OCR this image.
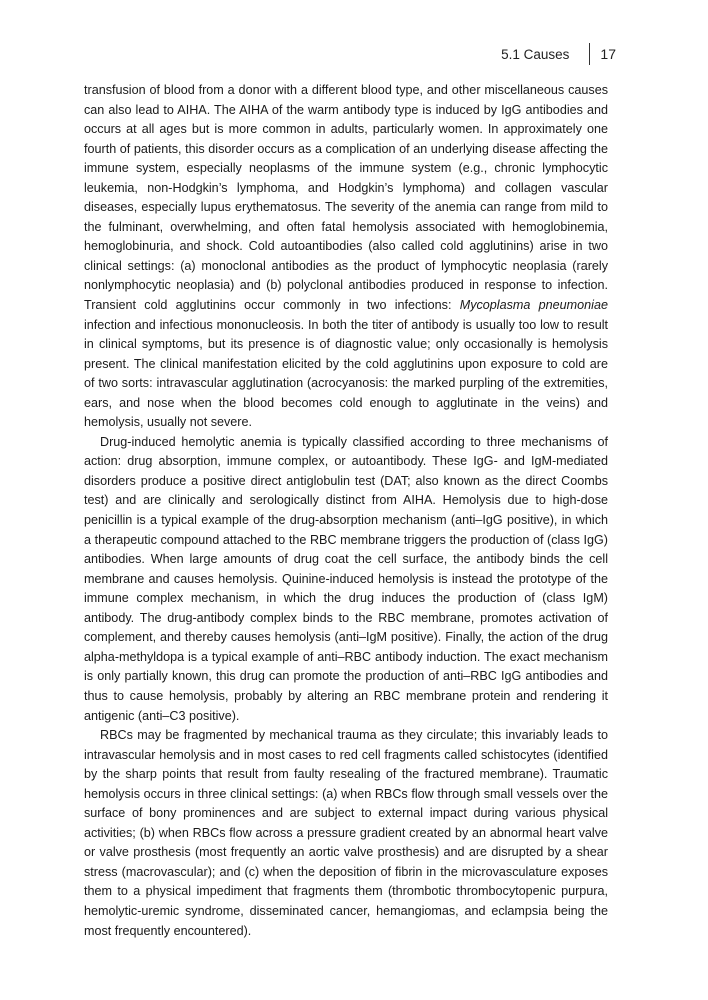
5.1 Causes	17

transfusion of blood from a donor with a different blood type, and other miscellaneous causes can also lead to AIHA. The AIHA of the warm antibody type is induced by IgG antibodies and occurs at all ages but is more common in adults, particularly women. In approximately one fourth of patients, this disorder occurs as a complication of an underlying disease affecting the immune system, especially neoplasms of the immune system (e.g., chronic lymphocytic leukemia, non-Hodgkin’s lymphoma, and Hodgkin’s lymphoma) and collagen vascular diseases, especially lupus erythematosus. The severity of the anemia can range from mild to the fulminant, overwhelming, and often fatal hemolysis associated with hemoglobinemia, hemoglobinuria, and shock. Cold autoantibodies (also called cold agglutinins) arise in two clinical settings: (a) monoclonal antibodies as the product of lymphocytic neoplasia (rarely nonlymphocytic neoplasia) and (b) polyclonal antibodies produced in response to infection. Transient cold agglutinins occur commonly in two infections: Mycoplasma pneumoniae infection and infectious mononucleosis. In both the titer of antibody is usually too low to result in clinical symptoms, but its presence is of diagnostic value; only occasionally is hemolysis present. The clinical manifestation elicited by the cold agglutinins upon exposure to cold are of two sorts: intravascular agglutination (acrocyanosis: the marked purpling of the extremities, ears, and nose when the blood becomes cold enough to agglutinate in the veins) and hemolysis, usually not severe.

Drug-induced hemolytic anemia is typically classified according to three mechanisms of action: drug absorption, immune complex, or autoantibody. These IgG- and IgM-mediated disorders produce a positive direct antiglobulin test (DAT; also known as the direct Coombs test) and are clinically and serologically distinct from AIHA. Hemolysis due to high-dose penicillin is a typical example of the drug-absorption mechanism (anti–IgG positive), in which a therapeutic compound attached to the RBC membrane triggers the production of (class IgG) antibodies. When large amounts of drug coat the cell surface, the antibody binds the cell membrane and causes hemolysis. Quinine-induced hemolysis is instead the prototype of the immune complex mechanism, in which the drug induces the production of (class IgM) antibody. The drug-antibody complex binds to the RBC membrane, promotes activation of complement, and thereby causes hemolysis (anti–IgM positive). Finally, the action of the drug alpha-methyldopa is a typical example of anti–RBC antibody induction. The exact mechanism is only partially known, this drug can promote the production of anti–RBC IgG antibodies and thus to cause hemolysis, probably by altering an RBC membrane protein and rendering it antigenic (anti–C3 positive).

RBCs may be fragmented by mechanical trauma as they circulate; this invariably leads to intravascular hemolysis and in most cases to red cell fragments called schistocytes (identified by the sharp points that result from faulty resealing of the fractured membrane). Traumatic hemolysis occurs in three clinical settings: (a) when RBCs flow through small vessels over the surface of bony prominences and are subject to external impact during various physical activities; (b) when RBCs flow across a pressure gradient created by an abnormal heart valve or valve prosthesis (most frequently an aortic valve prosthesis) and are disrupted by a shear stress (macrovascular); and (c) when the deposition of fibrin in the microvasculature exposes them to a physical impediment that fragments them (thrombotic thrombocytopenic purpura, hemolytic-uremic syndrome, disseminated cancer, hemangiomas, and eclampsia being the most frequently encountered).
